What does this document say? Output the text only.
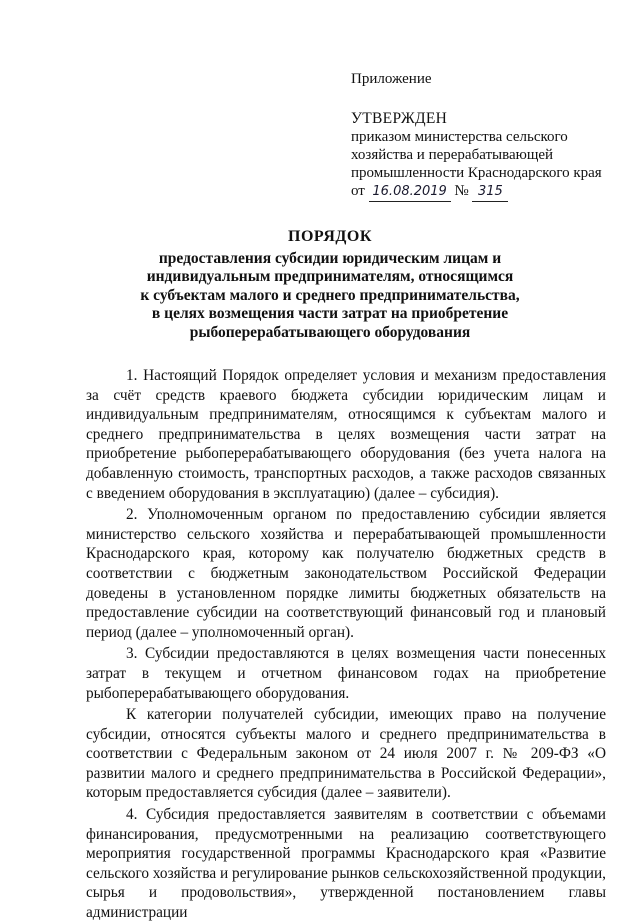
Приложение

УТВЕРЖДЕН

приказом министерства сельского

хозяйства и перерабатывающей

промышленности Краснодарского края

от 16.08.2019 № 315

ПОРЯДОК

предоставления субсидии юридическим лицам и

индивидуальным предпринимателям, относящимся

к субъектам малого и среднего предпринимательства,

в целях возмещения части затрат на приобретение

рыбоперерабатывающего оборудования

1. Настоящий Порядок определяет условия и механизм предоставления за счёт средств краевого бюджета субсидии юридическим лицам и индивидуальным предпринимателям, относящимся к субъектам малого и среднего предпринимательства в целях возмещения части затрат на приобретение рыбоперерабатывающего оборудования (без учета налога на добавленную стоимость, транспортных расходов, а также расходов связанных с введением оборудования в эксплуатацию) (далее – субсидия).

2. Уполномоченным органом по предоставлению субсидии является министерство сельского хозяйства и перерабатывающей промышленности Краснодарского края, которому как получателю бюджетных средств в соответствии с бюджетным законодательством Российской Федерации доведены в установленном порядке лимиты бюджетных обязательств на предоставление субсидии на соответствующий финансовый год и плановый период (далее – уполномоченный орган).

3. Субсидии предоставляются в целях возмещения части понесенных затрат в текущем и отчетном финансовом годах на приобретение рыбоперерабатывающего оборудования.

К категории получателей субсидии, имеющих право на получение субсидии, относятся субъекты малого и среднего предпринимательства в соответствии с Федеральным законом от 24 июля 2007 г. № 209-ФЗ «О развитии малого и среднего предпринимательства в Российской Федерации», которым предоставляется субсидия (далее – заявители).

4. Субсидия предоставляется заявителям в соответствии с объемами финансирования, предусмотренными на реализацию соответствующего мероприятия государственной программы Краснодарского края «Развитие сельского хозяйства и регулирование рынков сельскохозяйственной продукции, сырья и продовольствия», утвержденной постановлением главы администрации
